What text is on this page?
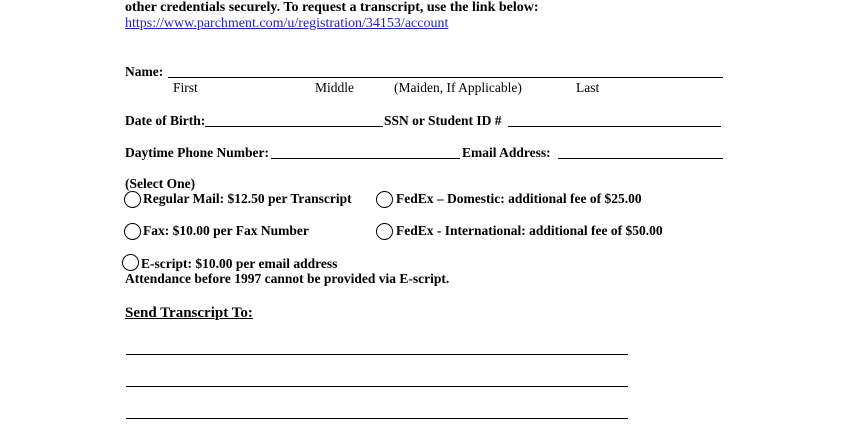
other credentials securely. To request a transcript, use the link below:
https://www.parchment.com/u/registration/34153/account
Name:
First	Middle	(Maiden, If Applicable)	Last
Date of Birth:	SSN or Student ID #
Daytime Phone Number:	Email Address:
(Select One)
Regular Mail: $12.50 per Transcript	FedEx – Domestic: additional fee of $25.00
Fax: $10.00 per Fax Number	FedEx - International: additional fee of $50.00
E-script: $10.00 per email address
Attendance before 1997 cannot be provided via E-script.
Send Transcript To:
